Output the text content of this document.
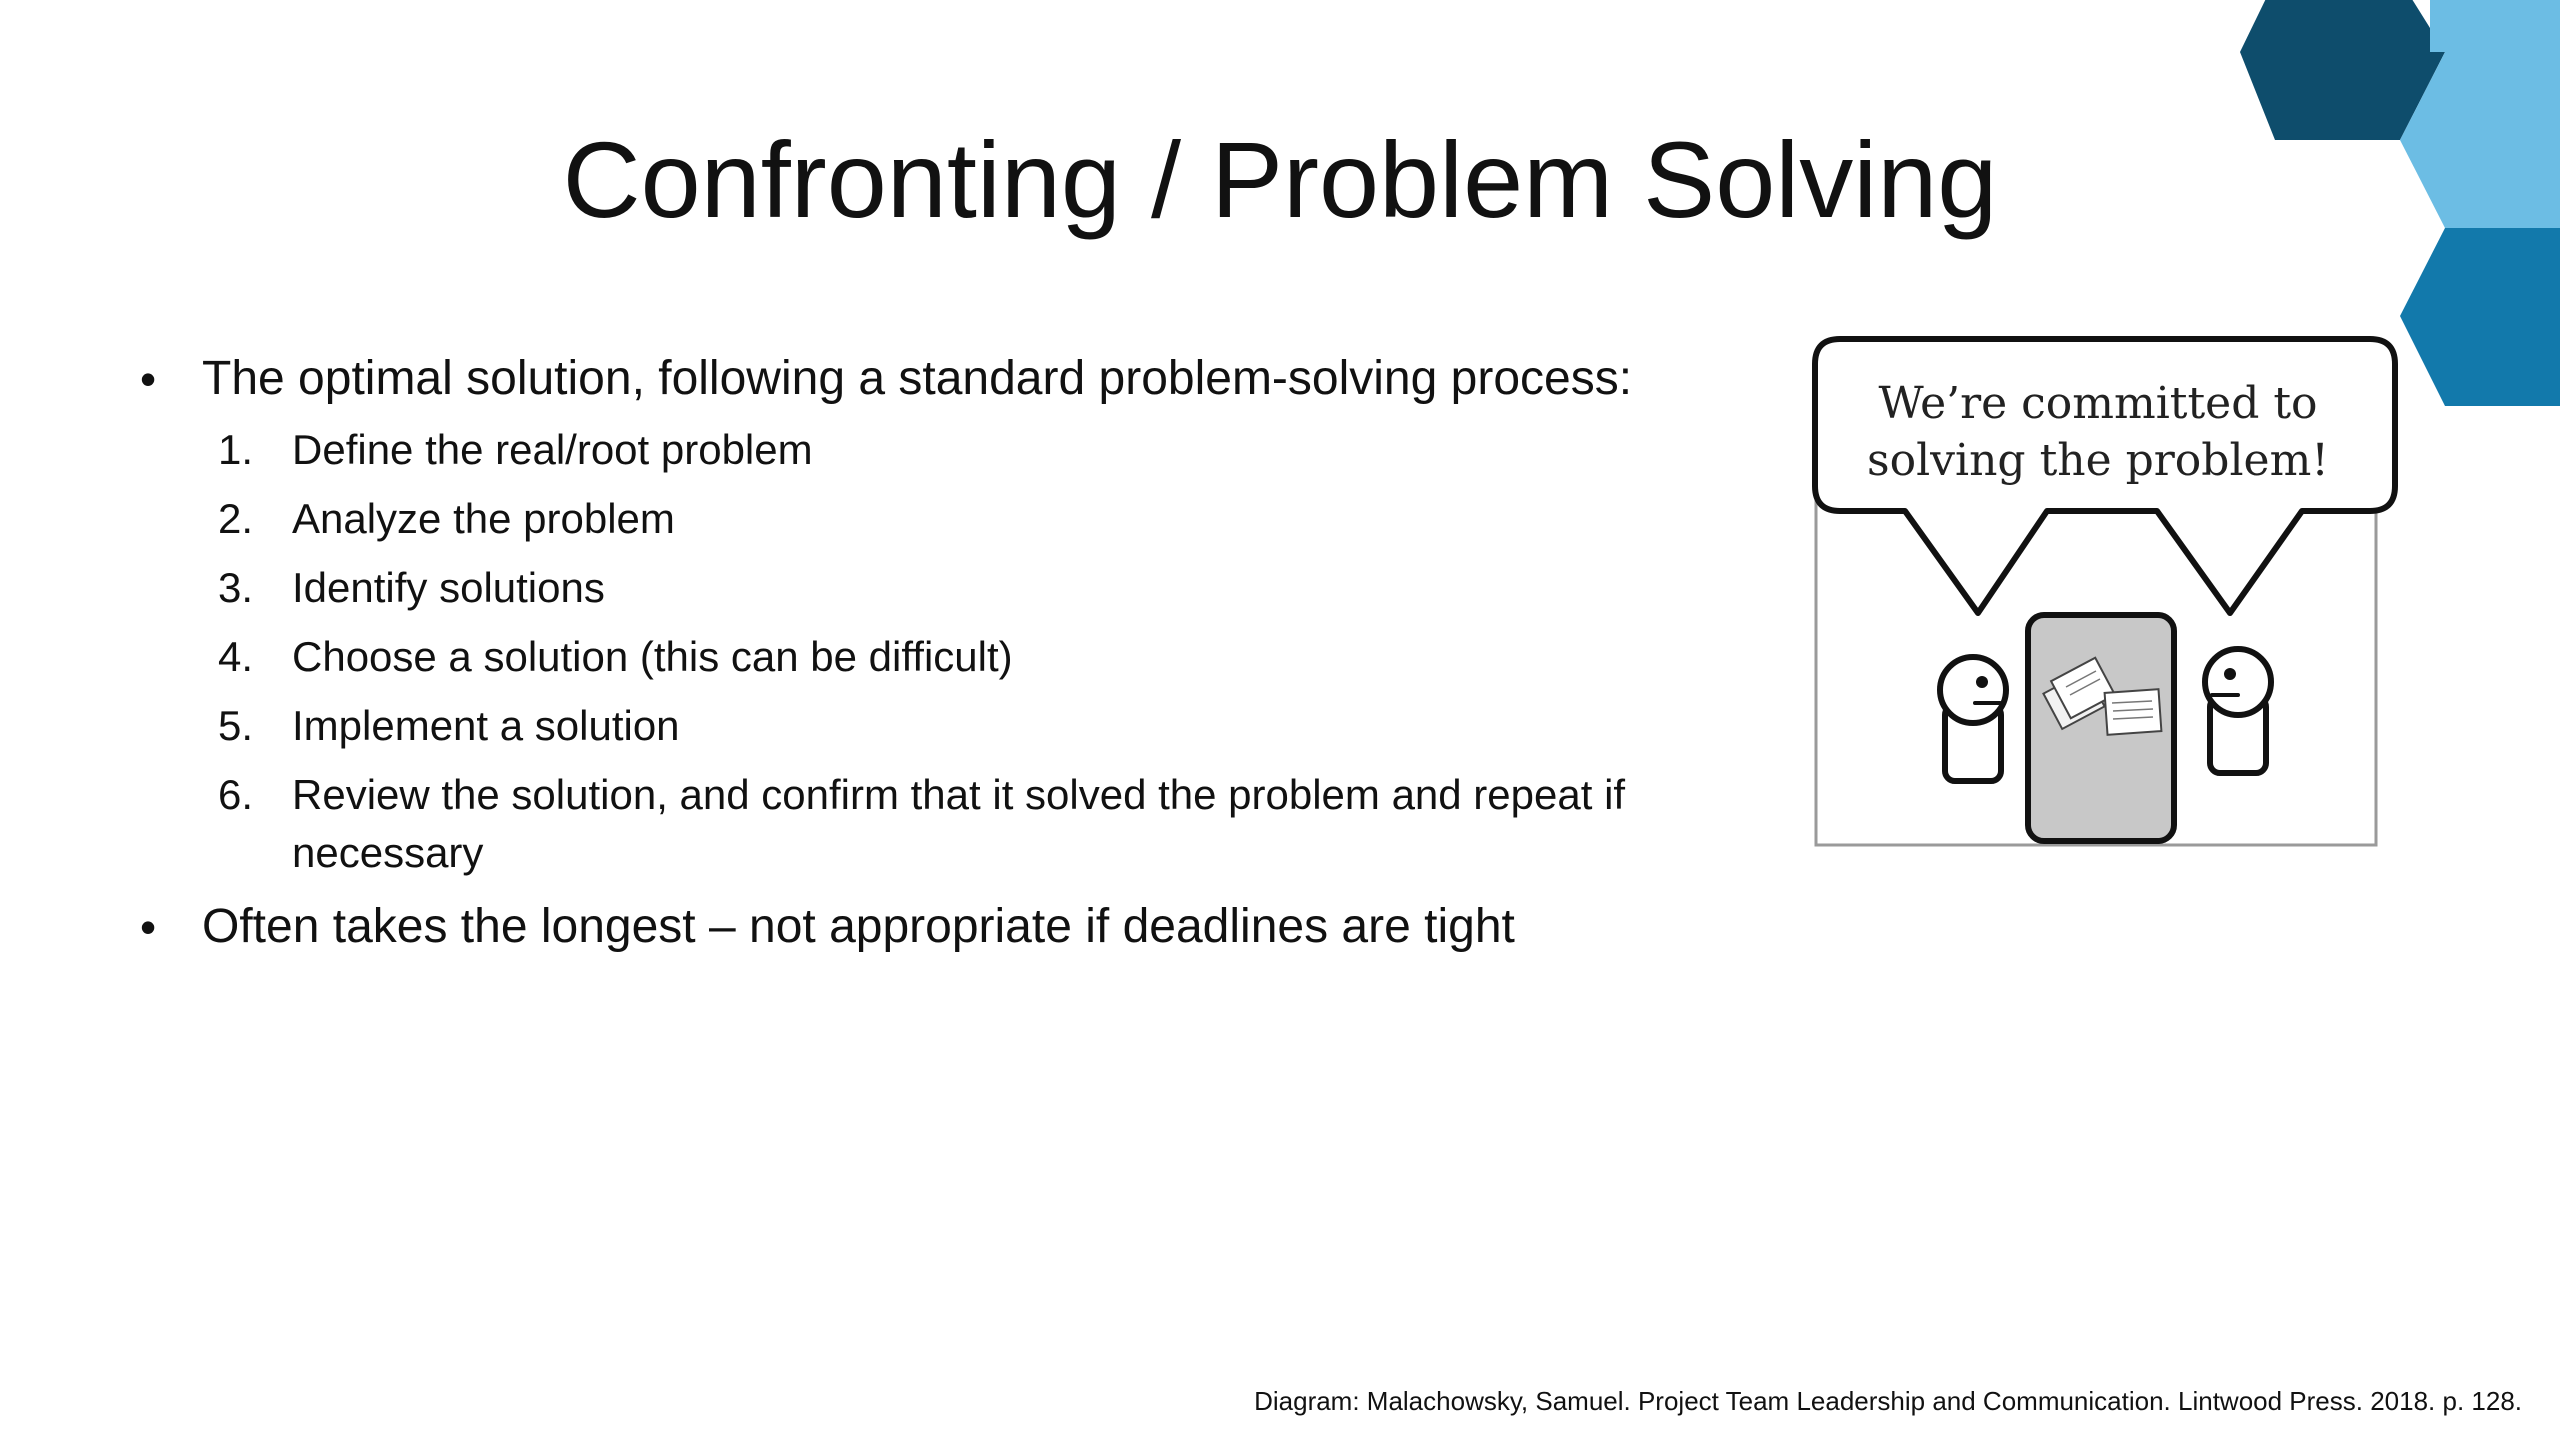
Confronting / Problem Solving
• The optimal solution, following a standard problem-solving process:
1. Define the real/root problem
2. Analyze the problem
3. Identify solutions
4. Choose a solution (this can be difficult)
5. Implement a solution
6. Review the solution, and confirm that it solved the problem and repeat if necessary
• Often takes the longest – not appropriate if deadlines are tight
We’re committed to
solving the problem!
Diagram: Malachowsky, Samuel. Project Team Leadership and Communication. Lintwood Press. 2018. p. 128.
